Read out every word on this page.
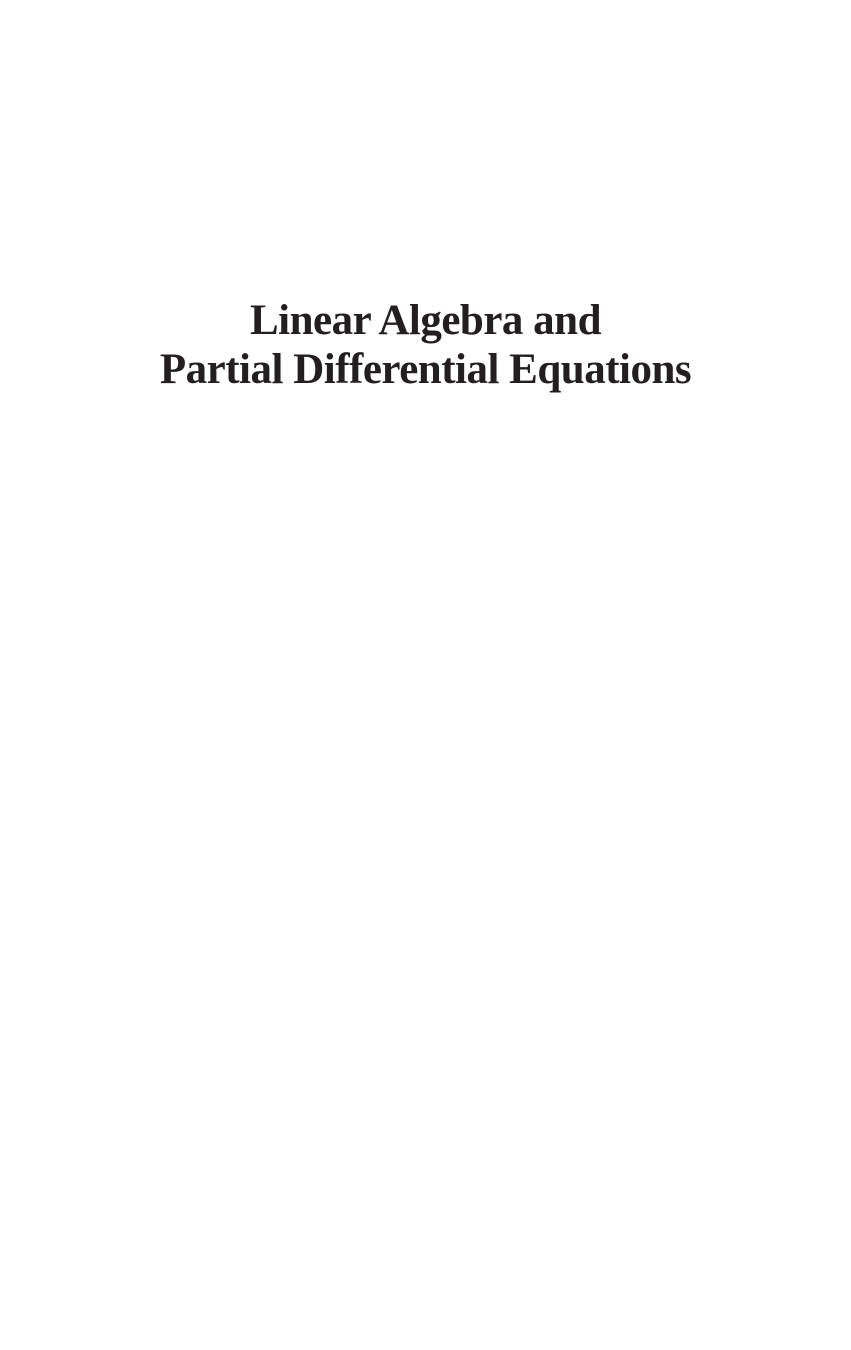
Linear Algebra and
Partial Differential Equations
